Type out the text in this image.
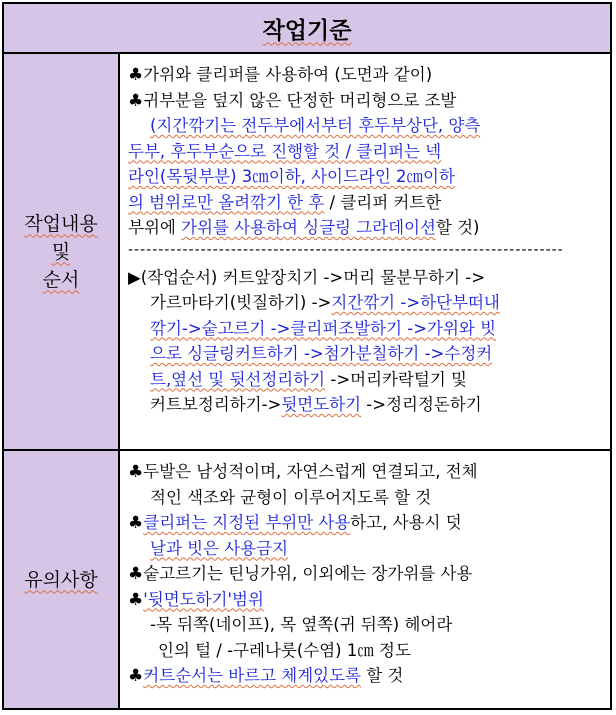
작업기준
작업내용
및
순서
♣가위와 클리퍼를 사용하여 (도면과 같이)
♣귀부분을 덮지 않은 단정한 머리형으로 조발
(지간깎기는 전두부에서부터 후두부상단, 양측
두부, 후두부순으로 진행할 것 / 클리퍼는 넥
라인(목뒷부분) 3㎝이하, 사이드라인 2㎝이하
의 범위로만 올려깎기 한 후 / 클리퍼 커트한
부위에 가위를 사용하여 싱글링 그라데이션할 것)
------------------------------------------------------------------------
▶(작업순서) 커트앞장치기 ->머리 물분무하기 ->
가르마타기(빗질하기) ->지간깎기 ->하단부떠내
깎기->숱고르기 ->클리퍼조발하기 ->가위와 빗
으로 싱글링커트하기 ->첨가분칠하기 ->수정커
트,옆선 및 뒷선정리하기 ->머리카락털기 및
커트보정리하기->뒷면도하기 ->정리정돈하기
유의사항
♣두발은 남성적이며, 자연스럽게 연결되고, 전체
적인 색조와 균형이 이루어지도록 할 것
♣클리퍼는 지정된 부위만 사용하고, 사용시 덧
날과 빗은 사용금지
♣숱고르기는 틴닝가위, 이외에는 장가위를 사용
♣'뒷면도하기'범위
-목 뒤쪽(네이프), 목 옆쪽(귀 뒤쪽) 헤어라
인의 털 / -구레나룻(수염) 1㎝ 정도
♣커트순서는 바르고 체계있도록 할 것
